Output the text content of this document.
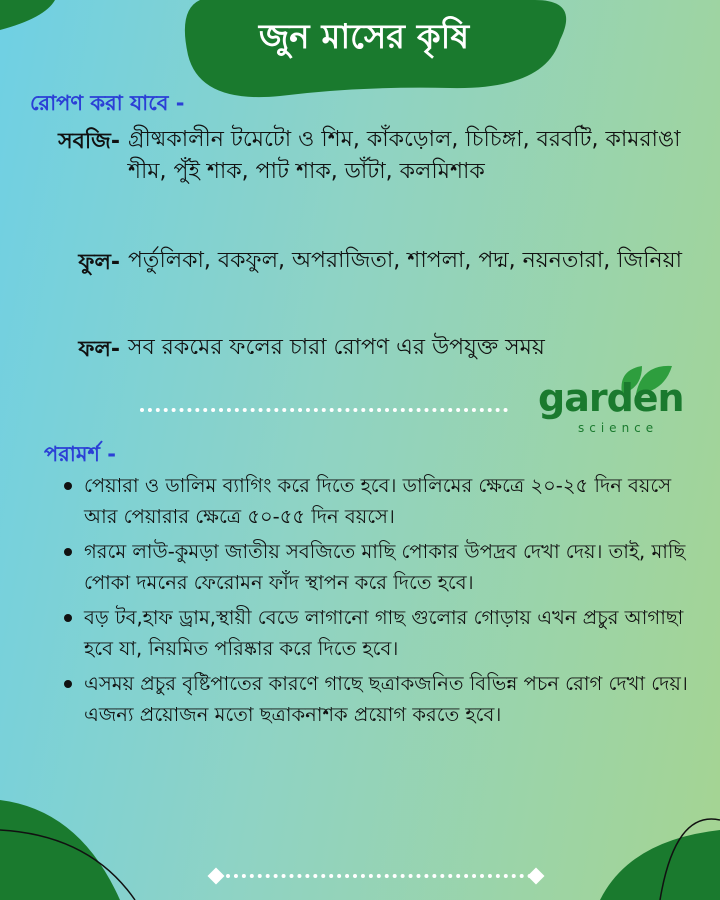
জুন মাসের কৃষি
রোপণ করা যাবে -
সবজি- গ্রীষ্মকালীন টমেটো ও শিম, কাঁকড়োল, চিচিঙ্গা, বরবটি, কামরাঙা শীম, পুঁই শাক, পাট শাক, ডাঁটা, কলমিশাক
ফুল- পর্তুলিকা, বকফুল, অপরাজিতা, শাপলা, পদ্ম, নয়নতারা, জিনিয়া
ফল- সব রকমের ফলের চারা রোপণ এর উপযুক্ত সময়
garden
science
পরামর্শ -
পেয়ারা ও ডালিম ব্যাগিং করে দিতে হবে। ডালিমের ক্ষেত্রে ২০-২৫ দিন বয়সে আর পেয়ারার ক্ষেত্রে ৫০-৫৫ দিন বয়সে।
গরমে লাউ-কুমড়া জাতীয় সবজিতে মাছি পোকার উপদ্রব দেখা দেয়। তাই, মাছি পোকা দমনের ফেরোমন ফাঁদ স্থাপন করে দিতে হবে।
বড় টব,হাফ ড্রাম,স্থায়ী বেডে লাগানো গাছ গুলোর গোড়ায় এখন প্রচুর আগাছা হবে যা, নিয়মিত পরিষ্কার করে দিতে হবে।
এসময় প্রচুর বৃষ্টিপাতের কারণে গাছে ছত্রাকজনিত বিভিন্ন পচন রোগ দেখা দেয়। এজন্য প্রয়োজন মতো ছত্রাকনাশক প্রয়োগ করতে হবে।
